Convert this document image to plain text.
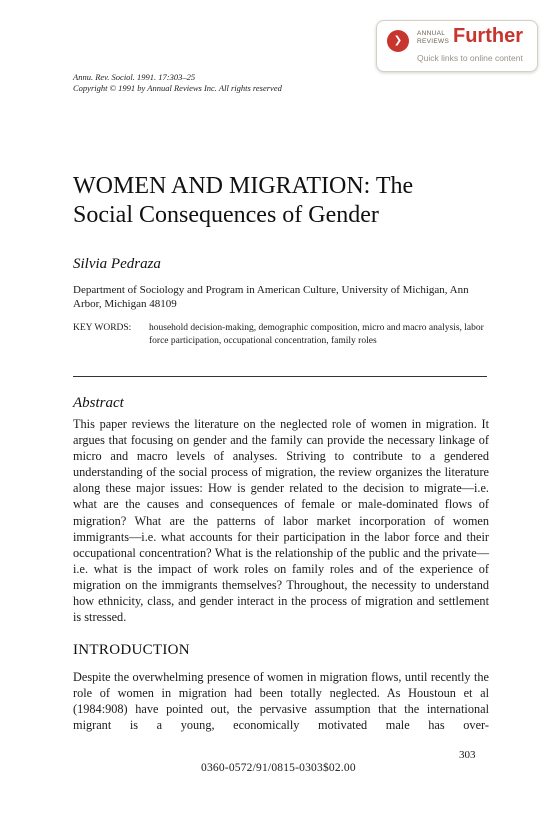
❯
ANNUAL
REVIEWS Further
Quick links to online content
Annu. Rev. Sociol. 1991. 17:303–25
Copyright © 1991 by Annual Reviews Inc. All rights reserved
WOMEN AND MIGRATION: The
Social Consequences of Gender
Silvia Pedraza
Department of Sociology and Program in American Culture, University of Michigan, Ann Arbor, Michigan 48109
KEY WORDS:	household decision-making, demographic composition, micro and macro analysis, labor force participation, occupational concentration, family roles
Abstract

This paper reviews the literature on the neglected role of women in migration. It argues that focusing on gender and the family can provide the necessary linkage of micro and macro levels of analyses. Striving to contribute to a gendered understanding of the social process of migration, the review organizes the literature along these major issues: How is gender related to the decision to migrate—i.e. what are the causes and consequences of female or male-dominated flows of migration? What are the patterns of labor market incorporation of women immigrants—i.e. what accounts for their participation in the labor force and their occupational concentration? What is the relationship of the public and the private—i.e. what is the impact of work roles on family roles and of the experience of migration on the immigrants themselves? Throughout, the necessity to understand how ethnicity, class, and gender interact in the process of migration and settlement is stressed.

INTRODUCTION

Despite the overwhelming presence of women in migration flows, until recently the role of women in migration had been totally neglected. As Houstoun et al (1984:908) have pointed out, the pervasive assumption that the international migrant is a young, economically motivated male has over-

303
0360-0572/91/0815-0303$02.00
